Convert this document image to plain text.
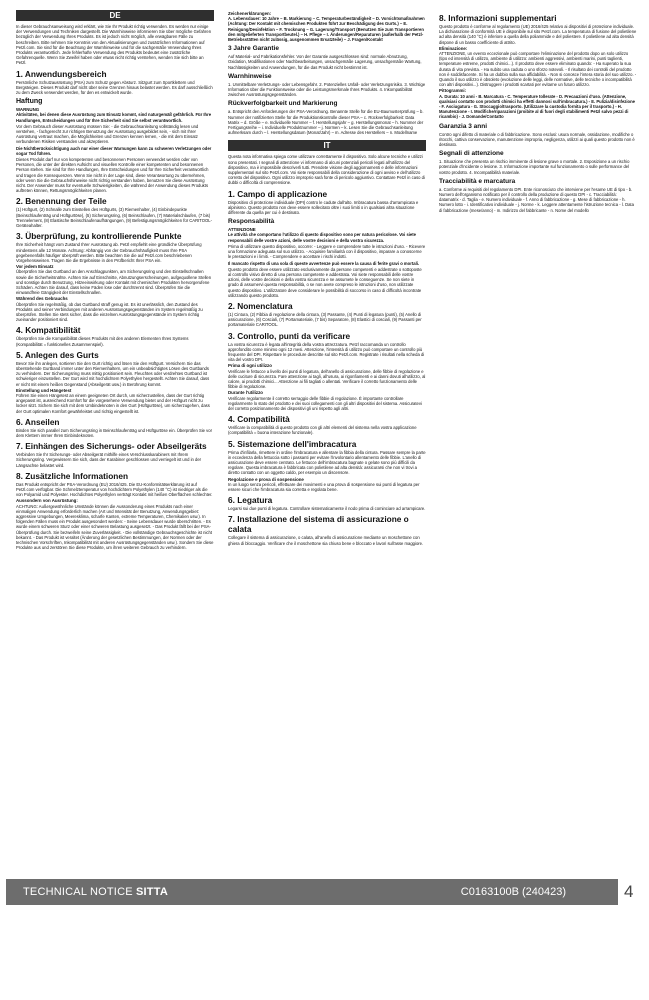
DE

In dieser Gebrauchsanweisung wird erklärt, wie Sie Ihr Produkt richtig verwenden. Es werden nur einige der Verwendungen und Techniken dargestellt. Die Warnhinweise informieren Sie über mögliche Gefahren bezüglich der Verwendung Ihres Produkts. Es ist jedoch nicht möglich, alle erwägbaren Fälle zu beschreiben. Bitte nehmen Sie Kenntnis von den Aktualisierungen und zusätzlichen Informationen auf Petzl.com. Sie sind für die Beachtung der Warnhinweise und für die sachgemäße Verwendung Ihres Produkts verantwortlich. Jede fehlerhafte Verwendung des Produkts bedeutet eine zusätzliche Gefahrenquelle. Wenn Sie Zweifel haben oder etwas nicht richtig verstehen, wenden Sie sich bitte an Petzl.

1. Anwendungsbereich

Persönliche Schutzausrüstung (PSA) zum Schutz gegen Absturz. Sitzgurt zum Sportklettern und Bergsteigen. Dieses Produkt darf nicht über seine Grenzen hinaus belastet werden. Es darf ausschließlich zu dem Zweck verwendet werden, für den es entwickelt wurde.

Haftung
WARNUNG

Aktivitäten, bei denen diese Ausrüstung zum Einsatz kommt, sind naturgemäß gefährlich. Für Ihre Handlungen, Entscheidungen und für Ihre Sicherheit sind Sie selbst verantwortlich.

Vor dem Gebrauch dieser Ausrüstung müssen Sie: - die Gebrauchsanleitung vollständig lesen und verstehen, - fachgerecht zur richtigen Benutzung der Ausrüstung ausgebildet sein, - sich mit Ihrer Ausrüstung vertraut machen, die Möglichkeiten und Grenzen kennen lernen, - die mit dem Einsatz verbundenen Risiken verstanden und akzeptieren.

Die Nichtberücksichtigung auch nur einer dieser Warnungen kann zu schweren Verletzungen oder sogar Tod führen.

Dieses Produkt darf nur von kompetenten und besonnenen Personen verwendet werden oder von Personen, die unter der direkten Aufsicht und visuellen Kontrolle einer kompetenten und besonnenen Person stehen. Sie sind für Ihre Handlungen, Ihre Entscheidungen und für Ihre Sicherheit verantwortlich und tragen die Konsequenzen. Wenn Sie nicht in der Lage sind, diese Verantwortung zu übernehmen, oder wenn Sie die Gebrauchshinweise nicht richtig verstanden haben, benutzen Sie diese Ausrüstung nicht. Der Anwender muss für eventuelle Schwierigkeiten, die während der Anwendung dieses Produkts auftreten können, Rettungsmöglichkeiten planen.

2. Benennung der Teile

(1) Hüftgurt, (2) Schnalle zum Einstellen des Hüftgurts, (3) Riemenhalter, (4) Einbindepunkte (Beinschlaufenträg und Hüftgurtöse), (5) Sicherungsring, (6) Beinschlaufen, (7) Materialschlaufen, (7 bis) Trennelement, (8) Elastische Beinschlaufenaufhängungen, (9) Befestigungsmöglichkeiten für CARITOOL-Geräteahalter.

3. Überprüfung, zu kontrollierende Punkte

Ihre Sicherheit hängt vom Zustand Ihrer Ausrüstung ab. Petzl empfiehlt eine gründliche Überprüfung mindestens alle 12 Monate. Achtung: Abhängig von der Gebrauchshäufigkeit muss Ihre PSA gegebenenfalls häufiger überprüft werden. Bitte beachten Sie die auf Petzl.com beschriebenen Vorgehensweisen. Tragen Sie die Ergebnisse in den Prüfbericht Ihrer PSA ein.

Vor jedem Einsatz

Überprüfen Sie das Gurtband an den Anschlagpunkten, am Sicherungsring und den Einstellschnallen sowie die Sicherheitsnähte. Achten Sie auf Einschnitte, Abnutzungserscheinungen, aufgequollene Stellen und sonstige durch Benutzung, Hitzeeinwirkung oder Kontakt mit chemischen Produkten hervorgerufene Schäden. Achten Sie darauf, dass keine Fäden lose oder durchtrennt sind. Überprüfen Sie die einwandfreie Gängigkeit der Einstellschnallen.

Während des Gebrauchs

Überprüfen Sie regelmäßig, ob das Gurtband straff genug ist. Es ist unerlässlich, den Zustand des Produkts und seiner Verbindungen mit anderen Ausrüstungsgegenständen im System regelmäßig zu überprüfen. Stellen Sie stets sicher, dass die einzelnen Ausrüstungsgegenstände im System richtig zueinander positioniert sind.

4. Kompatibilität

Überprüfen Sie die Kompatibilität dieses Produkts mit den anderen Elementen Ihres Systems (Kompatibilität = funktionelles Zusammenspiel).

5. Anlegen des Gurts

Bevor Sie ihn anlegen, sortieren Sie den Gurt richtig und lösen Sie den Hüftgurt. Versichern Sie das überstehende Gurtband immer unter den Riemenhaltern, um ein unbeabsichtigtes Lösen des Gurtbands zu verhindern. Der Sicherungsring muss mittig positioniert sein. Fleuchtes oder verdrehtes Gurtband ist schwieriger einzustellen. Der Gurt wird mit hochdichtem Polyethylen hergestellt. Achten Sie darauf, dass er nicht mit einem heißen Gegenstand (Abseilgerät usw.) in Berührung kommt.

Einstellung und Hängetest

Führen Sie einen Hängetest an einem geeigneten Ort durch, um sicherzustellen, dass der Gurt richtig angepasst ist, ausreichend Komfort für die vorgesehene Verwendung bietet und der Hüftgurt nicht zu locker sitzt. Sichern Sie sich mit dem Umbindeknoten in den Gurt (Hüftgurtöse), um sicherzugehen, dass der Gurt optimalen Komfort gewährleistet und richtig eingestellt ist.

6. Anseilen

Binden Sie sich parallel zum Sicherungsring in Beinschlaufenträg und Hüftgurtöse ein. Überprüfen Sie vor dem Klettern immer Ihren Einbindeknoten.

7. Einhängen des Sicherungs- oder Abseilgeräts

Verbinden Sie Ihr Sicherungs- oder Abseilgerät mithilfe eines Verschlusskarabiners mit Ihrem Sicherungsring. Vergewissern Sie sich, dass der Karabiner geschlossen und verriegelt ist und in der Längsachse belastet wird.

8. Zusätzliche Informationen

Das Produkt entspricht der PSA-Verordnung (EU) 2016/425. Die EU-Konformitätserklärung ist auf Petzl.com verfügbar. Die Schmelztemperatur von hochdichtem Polyethylen (140 °C) ist niedriger als die von Polyamid und Polyester. Hochdichtes Polyethylen verträgt Kontakt mit heißen Oberflächen schlechter.

Aussondern von Ausrüstung:

ACHTUNG: Außergewöhnliche Umstände können die Aussonderung eines Produkts nach einer einmaligen Anwendung erforderlich machen (Art und Intensität der Benutzung, Anwendungsgebiet: aggressive Umgebungen, Meeresklima, scharfe Kanten, extreme Temperaturen, Chemikalien usw.). In folgenden Fällen muss ein Produkt ausgesondert werden: - Seine Lebensdauer wurde überschritten. - Es wurde einem schweren Sturz oder einer schweren Belastung ausgesetzt. - Das Produkt fällt bei der PSA-Überprüfung durch. Sie bezweifeln seine Zuverlässigkeit. - Die vollständige Gebrauchsgeschichte ist nicht bekannt. - Das Produkt ist veraltet (Änderung der gesetzlichen Bestimmungen, der Normen oder der technischen Vorschriften, Inkompatibilität mit anderen Ausrüstungsgegenständen usw.). Sondern Sie diese Produkte aus und zerstören Sie diese Produkte, um ihren weiteren Gebrauch zu verhindern.

Zeichenerklärungen:

A. Lebensdauer: 10 Jahre – B. Markierung – C. Temperaturbeständigkeit – D. Vorsichtsmaßnahmen (Achtung: Der Kontakt mit chemischen Produkten führt zur Beschädigung des Gurts.) – E. Reinigung/Desinfektion – F. Trocknung – G. Lagerung/Transport (Benutzen Sie zum Transportieren den mitgelieferten Transportbeutel.) – H. Pflege – I. Änderungen/Reparaturen (außerhalb der Petzl-Betriebsstätten nicht zulässig, ausgenommen Ersatzteile) – J. Fragen/Kontakt

3 Jahre Garantie

Auf Material- und Fabrikationsfehler. Von der Garantie ausgeschlossen sind: normale Abnutzung, Oxidation, Modifikationen oder Nachbearbeitungen, unsachgemäße Lagerung, unsachgemäße Wartung, Nachlässigkeiten und Anwendungen, für die das Produkt nicht bestimmt ist.

Warnhinweise

1. Unmittelbare Verletzungs- oder Lebensgefahr. 2. Potenzielles Unfall- oder Verletzungsrisiko. 3. Wichtige Information über die Funktionsweise oder die Leistungsmerkmale Ihres Produkts. 4. Inkompatibilität zwischen Ausrüstungsgegenständen.

Rückverfolgbarkeit und Markierung

a. Entspricht den Anforderungen der PSA-Verordnung. Benannte Stelle für die EU-Baumusterprüfung – b. Nummer der notifizierten Stelle für die Produktionskontrolle dieser PSA – c. Rückverfolgbarkeit: Data Matrix – d. Größe – e. Individuelle Nummer – f. Herstellungsjahr – g. Herstellungsmonat – h. Nummer der Fertigungsreihe – i. Individuelle Produktnummer – j. Normen – k. Lesen Sie die Gebrauchsanleitung aufmerksam durch – l. Herstellungsdatum (Monat/Jahr) – m. Adresse des Herstellers – n. Modellname

IT

Questa nota informativa spiega come utilizzare correttamente il dispositivo. Solo alcune tecniche e utilizzi sono presentati. I segnali di attenzione vi informano di alcuni potenziali pericoli legati all'utilizzo del dispositivo, ma è impossibile descriverli tutti. Prendete visione degli aggiornamenti e delle informazioni supplementari sul sito Petzl.com. Voi siete responsabili della considerazione di ogni avviso e dell'utilizzo corretto del dispositivo. Ogni utilizzo improprio sarà fonte di pericolo aggiuntivo. Contattare Petzl in caso di dubbi o difficoltà di comprensione.

1. Campo di applicazione

Dispositivo di protezione individuale (DPI) contro le cadute dall'alto. Imbracatura bassa d'arrampicata e alpinismo. Questo prodotto non deve essere sollecitato oltre i suoi limiti o in qualsiasi altra situazione differente da quella per cui è destinato.

Responsabilità
ATTENZIONE

Le attività che comportano l'utilizzo di questo dispositivo sono per natura pericolose. Voi siete responsabili delle vostre azioni, delle vostre decisioni e della vostra sicurezza.

Prima di utilizzare questo dispositivo, occorre: - Leggere e comprendere tutte le istruzioni d'uso. - Ricevere una formazione adeguata sul suo utilizzo. - Acquisire familiarità con il dispositivo, imparare a conoscerne le prestazioni e i limiti. - Comprendere e accettare i rischi indotti.

Il mancato rispetto di una sola di queste avvertenze può essere la causa di ferite gravi o mortali.

Questo prodotto deve essere utilizzato esclusivamente da persone competenti e addestrate o sottoposte al controllo visivo diretto di una persona competente e addestrata. Voi siete responsabili delle vostre azioni, delle vostre decisioni e della vostra sicurezza e ne assumete le conseguenze. Se non siete in grado di assumervi questa responsabilità, o se non avete compreso le istruzioni d'uso, non utilizzate questo dispositivo. L'utilizzatore deve considerare le possibilità di soccorso in caso di difficoltà incontrate utilizzando questo prodotto.

2. Nomenclatura

(1) Cintura, (2) Fibbia di regolazione della cintura, (3) Passante, (4) Punti di legatura (punti), (5) Anello di assicurazione, (6) Cosciali, (7) Portamateriale, (7 bis) Separatore, (8) Elastici di cosciali, (9) Passanti per portamateriale CARITOOL.

3. Controllo, punti da verificare

La vostra sicurezza è legata all'integrità della vostra attrezzatura. Petzl raccomanda un controllo approfondito come minimo ogni 12 mesi. Attenzione, l'intensità di utilizzo può comportare un controllo più frequente del DPI. Rispettare le procedure descritte sul sito Petzl.com. Registrate i risultati nella scheda di vita del vostro DPI.

Prima di ogni utilizzo

Verificare le fettucce a livello dei punti di legatura, dell'anello di assicurazione, delle fibbie di regolazione e delle cuciture di sicurezza. Fare attenzione ai tagli, all'usura, ai rigonfiamenti e ai danni dovuti all'utilizzo, al calore, ai prodotti chimici... Attenzione ai fili tagliati o allentati. Verificare il corretto funzionamento delle fibbie di regolazione.

Durante l'utilizzo

Verificare regolarmente il corretto serraggio delle fibbie di regolazione. È importante controllare regolarmente lo stato del prodotto e dei suoi collegamenti con gli altri dispositivi del sistema. Assicuratevi del corretto posizionamento dei dispositivi gli uni rispetto agli altri.

4. Compatibilità

Verificare la compatibilità di questo prodotto con gli altri elementi del sistema nella vostra applicazione (compatibilità = buona interazione funzionale).

5. Sistemazione dell'imbracatura

Prima d'infilarla, rimettere in ordine l'imbracatura e allentare la fibbia della cintura. Passare sempre la parte in eccedenza della fettuccia sotto i passanti per evitare l'involontario allentamento delle fibbie. L'anello di assicurazione deve essere centrato. Le fettucce dell'imbracatura bagnate o gelate sono più difficili da regolare. Questa imbracatura è fabbricata con polietilene ad alta densità: assicurarsi che non vi trovi a diretto contatto con un oggetto caldo, per esempio un discensore.

Regolazione e prova di sospensione

In un luogo senza pericoli, effettuare dei movimenti e una prova di sospensione sui punti di legatura per essere sicuri che l'imbracatura sia corretta e regolata bene.

6. Legatura

Legarsi sui due punti di legatura. Controllare sistematicamente il nodo prima di cominciare ad arrampicare.

7. Installazione del sistema di assicurazione o calata

Collegare il sistema di assicurazione, o calata, all'anello di assicurazione mediante un moschettone con ghiera di bloccaggio. Verificare che il moschettone sia chiuso bene e bloccato e lavori sull'asse maggiore.

8. Informazioni supplementari

Questo prodotto è conforme al regolamento (UE) 2016/425 relativo ai dispositivi di protezione individuale. La dichiarazione di conformità UE è disponibile sul sito Petzl.com. La temperatura di fusione del polietilene ad alta densità (140 °C) è inferiore a quella della poliammide e del poliestere. Il polietilene ad alta densità dispone di un basso coefficiente di attrito.

Eliminazione:

ATTENZIONE, un evento eccezionale può comportare l'eliminazione del prodotto dopo un solo utilizzo (tipo ed intensità di utilizzo, ambiente di utilizzo: ambienti aggressivi, ambienti marini, punti taglienti, temperature estreme, prodotti chimici...). Il prodotto deve essere eliminato quando: - Ha superato la sua durata di vita prevista. - Ha subito una caduta o uno sforzo notevoli. - Il risultato dei controlli del prodotto non è soddisfacente. Si ha un dubbio sulla sua affidabilità. - Non si conosce l'intera storia del suo utilizzo. - Quando il suo utilizzo è obsoleto (evoluzione delle leggi, delle normative, delle tecniche o incompatibilità con altri dispositivi...). Distruggere i prodotti scartati per evitarne un futuro utilizzo.

Pittogrammi:

A. Durata: 10 anni - B. Marcatura - C. Temperature tollerate - D. Precauzioni d'uso. (Attenzione, qualsiasi contatto con prodotti chimici ha effetti dannosi sull'imbracatura.) - E. Pulizia/disinfezione - F. Asciugatura - G. Stoccaggio/trasporto. (Utilizzare la custodia fornita per il trasporto.) - H. Manutenzione - I. Modifiche/riparazioni (proibite al di fuori degli stabilimenti Petzl salvo pezzi di ricambio) - J. Domande/Contatto

Garanzia 3 anni

Contro ogni difetto di materiale o di fabbricazione. Sono esclusi: usura normale, ossidazione, modifiche o ritocchi, cattiva conservazione, manutenzione impropria, negligenza, utilizzi ai quali questo prodotto non è destinato.

Segnali di attenzione

1. Situazione che presenta un rischio imminente di lesione grave o mortale. 2. Esposizione a un rischio potenziale d'incidente o lesione. 3. Informazione importante sul funzionamento o sulle performance del vostro prodotto. 4. Incompatibilità materiale.

Tracciabilità e marcatura

a. Conforme ai requisiti del regolamento DPI. Ente riconosciuto che interviene per l'esame UE di tipo - b. Numero dell'organismo notificato per il controllo della produzione di questo DPI - c. Tracciabilità: datamatrix - d. Taglia - e. Numero individuale - f. Anno di fabbricazione - g. Mese di fabbricazione - h. Numero lotto - i. Identificativo individuale - j. Norme - k. Leggere attentamente l'istruzione tecnica - l. Data di fabbricazione (mese/anno) - m. Indirizzo del fabbricante - n. Nome del modello

TECHNICAL NOTICE SITTA	C0163100B (240423)	4
